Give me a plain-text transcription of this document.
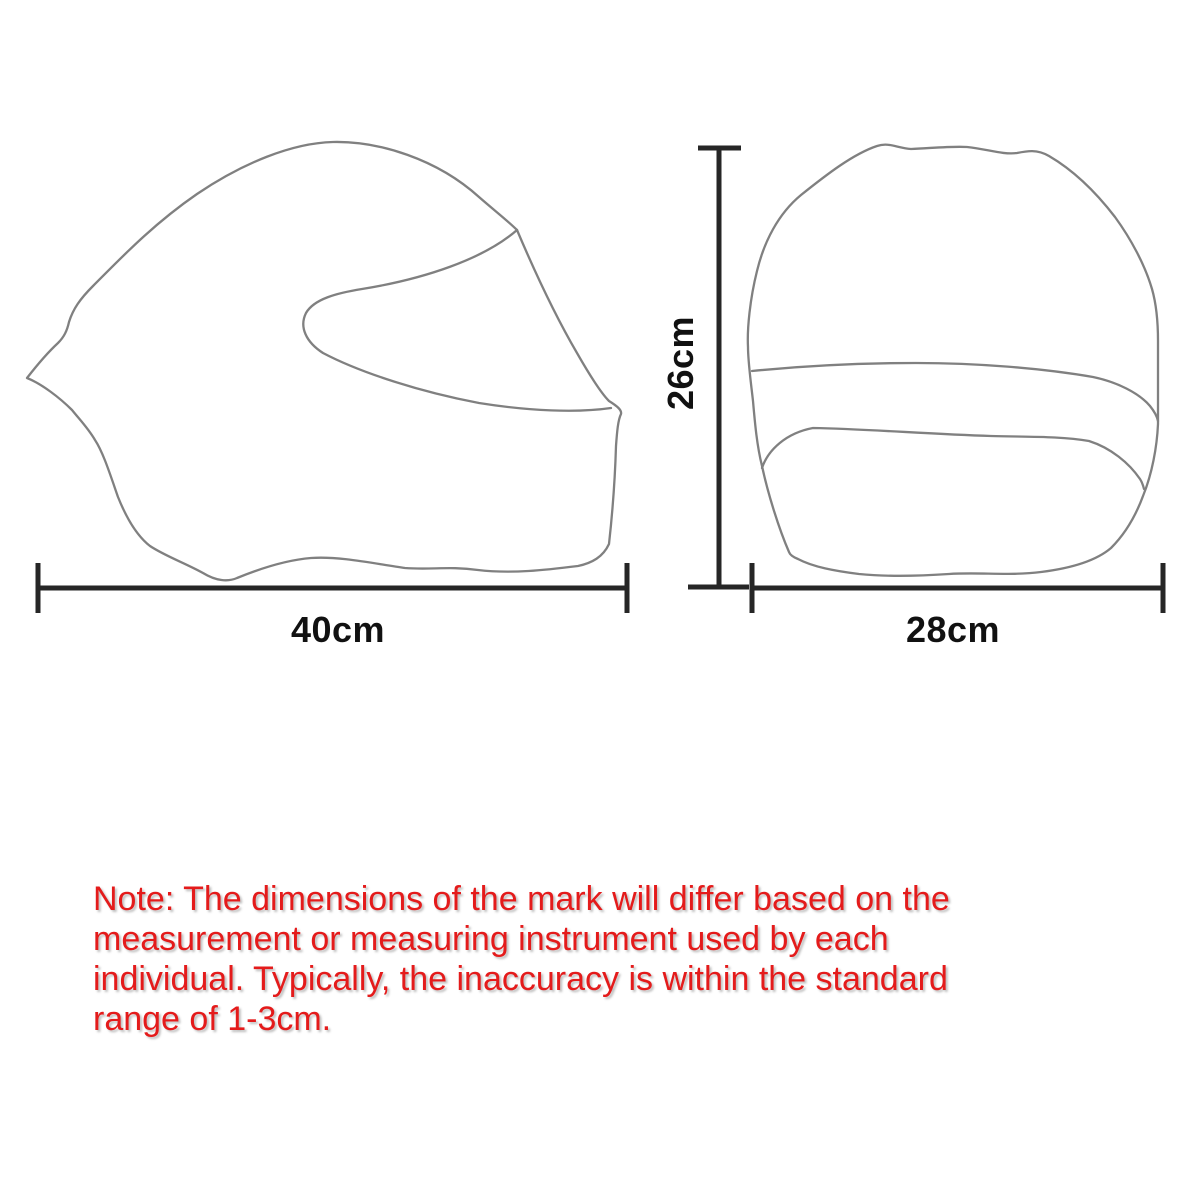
40cm
26cm
28cm
Note: The dimensions of the mark will differ based on the
measurement or measuring instrument used by each
individual. Typically, the inaccuracy is within the standard
range of 1-3cm.
